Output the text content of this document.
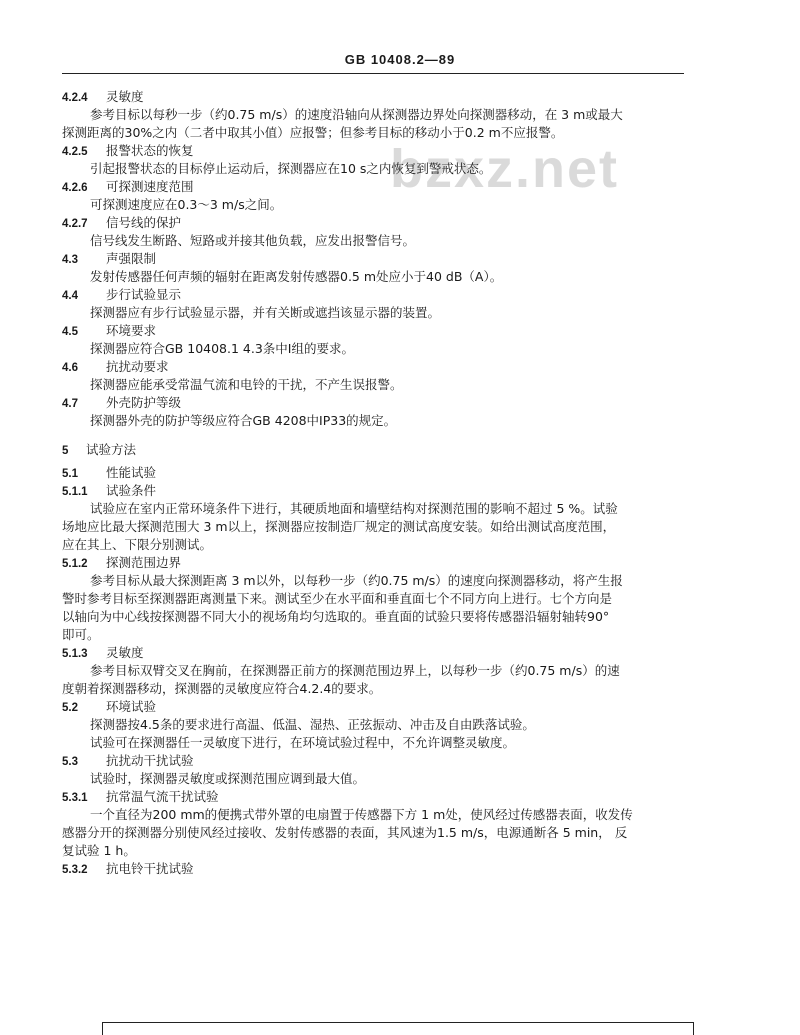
GB 10408.2—89
bzxz.net
4.2.4 灵敏度
参考目标以每秒一步（约0.75 m/s）的速度沿轴向从探测器边界处向探测器移动，在 3 m或最大
探测距离的30%之内（二者中取其小值）应报警；但参考目标的移动小于0.2 m不应报警。
4.2.5 报警状态的恢复
引起报警状态的目标停止运动后，探测器应在10 s之内恢复到警戒状态。
4.2.6 可探测速度范围
可探测速度应在0.3～3 m/s之间。
4.2.7 信号线的保护
信号线发生断路、短路或并接其他负载，应发出报警信号。
4.3 声强限制
发射传感器任何声频的辐射在距离发射传感器0.5 m处应小于40 dB（A）。
4.4 步行试验显示
探测器应有步行试验显示器，并有关断或遮挡该显示器的装置。
4.5 环境要求
探测器应符合GB 10408.1 4.3条中Ⅰ组的要求。
4.6 抗扰动要求
探测器应能承受常温气流和电铃的干扰，不产生误报警。
4.7 外壳防护等级
探测器外壳的防护等级应符合GB 4208中IP33的规定。
5 试验方法
5.1 性能试验
5.1.1 试验条件
试验应在室内正常环境条件下进行，其硬质地面和墙壁结构对探测范围的影响不超过 5 %。试验
场地应比最大探测范围大 3 m以上，探测器应按制造厂规定的测试高度安装。如给出测试高度范围，
应在其上、下限分别测试。
5.1.2 探测范围边界
参考目标从最大探测距离 3 m以外，以每秒一步（约0.75 m/s）的速度向探测器移动，将产生报
警时参考目标至探测器距离测量下来。测试至少在水平面和垂直面七个不同方向上进行。七个方向是
以轴向为中心线按探测器不同大小的视场角均匀选取的。垂直面的试验只要将传感器沿辐射轴转90°
即可。
5.1.3 灵敏度
参考目标双臂交叉在胸前，在探测器正前方的探测范围边界上，以每秒一步（约0.75 m/s）的速
度朝着探测器移动，探测器的灵敏度应符合4.2.4的要求。
5.2 环境试验
探测器按4.5条的要求进行高温、低温、湿热、正弦振动、冲击及自由跌落试验。
试验可在探测器任一灵敏度下进行，在环境试验过程中，不允许调整灵敏度。
5.3 抗扰动干扰试验
试验时，探测器灵敏度或探测范围应调到最大值。
5.3.1 抗常温气流干扰试验
一个直径为200 mm的便携式带外罩的电扇置于传感器下方 1 m处，使风经过传感器表面，收发传
感器分开的探测器分别使风经过接收、发射传感器的表面，其风速为1.5 m/s，电源通断各 5 min， 反
复试验 1 h。
5.3.2 抗电铃干扰试验
